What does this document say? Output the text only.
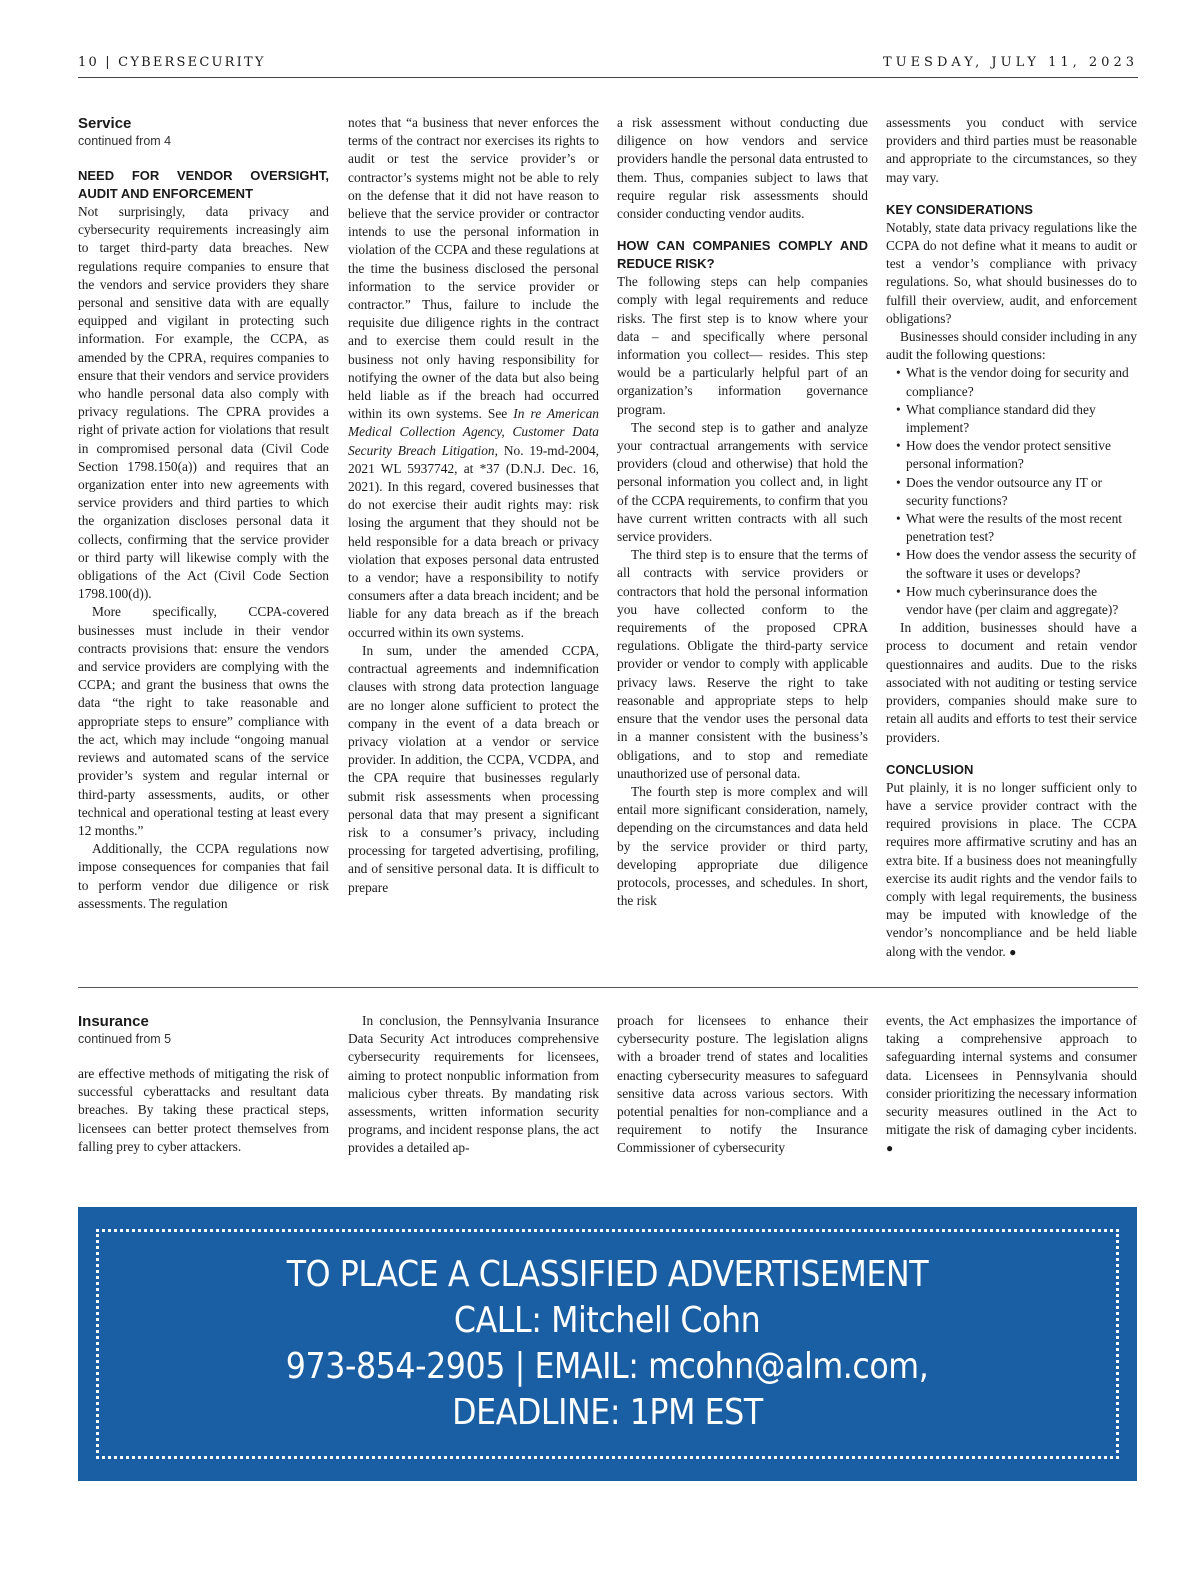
10 | CYBERSECURITY	TUESDAY, JULY 11, 2023
Service
continued from 4
NEED FOR VENDOR OVERSIGHT, AUDIT AND ENFORCEMENT

Not surprisingly, data privacy and cybersecurity requirements increasingly aim to target third-party data breaches. New regulations require companies to ensure that the vendors and service providers they share personal and sensitive data with are equally equipped and vigilant in protecting such information. For example, the CCPA, as amended by the CPRA, requires companies to ensure that their vendors and service providers who handle personal data also comply with privacy regulations. The CPRA provides a right of private action for violations that result in compromised personal data (Civil Code Section 1798.150(a)) and requires that an organization enter into new agreements with service providers and third parties to which the organization discloses personal data it collects, confirming that the service provider or third party will likewise comply with the obligations of the Act (Civil Code Section 1798.100(d)).

More specifically, CCPA-covered businesses must include in their vendor contracts provisions that: ensure the vendors and service providers are complying with the CCPA; and grant the business that owns the data “the right to take reasonable and appropriate steps to ensure” compliance with the act, which may include “ongoing manual reviews and automated scans of the service provider’s system and regular internal or third-party assessments, audits, or other technical and operational testing at least every 12 months.”

Additionally, the CCPA regulations now impose consequences for companies that fail to perform vendor due diligence or risk assessments. The regulation

notes that “a business that never enforces the terms of the contract nor exercises its rights to audit or test the service provider’s or contractor’s systems might not be able to rely on the defense that it did not have reason to believe that the service provider or contractor intends to use the personal information in violation of the CCPA and these regulations at the time the business disclosed the personal information to the service provider or contractor.” Thus, failure to include the requisite due diligence rights in the contract and to exercise them could result in the business not only having responsibility for notifying the owner of the data but also being held liable as if the breach had occurred within its own systems. See In re American Medical Collection Agency, Customer Data Security Breach Litigation, No. 19-md-2004, 2021 WL 5937742, at *37 (D.N.J. Dec. 16, 2021). In this regard, covered businesses that do not exercise their audit rights may: risk losing the argument that they should not be held responsible for a data breach or privacy violation that exposes personal data entrusted to a vendor; have a responsibility to notify consumers after a data breach incident; and be liable for any data breach as if the breach occurred within its own systems.

In sum, under the amended CCPA, contractual agreements and indemnification clauses with strong data protection language are no longer alone sufficient to protect the company in the event of a data breach or privacy violation at a vendor or service provider. In addition, the CCPA, VCDPA, and the CPA require that businesses regularly submit risk assessments when processing personal data that may present a significant risk to a consumer’s privacy, including processing for targeted advertising, profiling, and of sensitive personal data. It is difficult to prepare

a risk assessment without conducting due diligence on how vendors and service providers handle the personal data entrusted to them. Thus, companies subject to laws that require regular risk assessments should consider conducting vendor audits.

HOW CAN COMPANIES COMPLY AND REDUCE RISK?

The following steps can help companies comply with legal requirements and reduce risks. The first step is to know where your data – and specifically where personal information you collect— resides. This step would be a particularly helpful part of an organization’s information governance program.

The second step is to gather and analyze your contractual arrangements with service providers (cloud and otherwise) that hold the personal information you collect and, in light of the CCPA requirements, to confirm that you have current written contracts with all such service providers.

The third step is to ensure that the terms of all contracts with service providers or contractors that hold the personal information you have collected conform to the requirements of the proposed CPRA regulations. Obligate the third-party service provider or vendor to comply with applicable privacy laws. Reserve the right to take reasonable and appropriate steps to help ensure that the vendor uses the personal data in a manner consistent with the business’s obligations, and to stop and remediate unauthorized use of personal data.

The fourth step is more complex and will entail more significant consideration, namely, depending on the circumstances and data held by the service provider or third party, developing appropriate due diligence protocols, processes, and schedules. In short, the risk

assessments you conduct with service providers and third parties must be reasonable and appropriate to the circumstances, so they may vary.

KEY CONSIDERATIONS

Notably, state data privacy regulations like the CCPA do not define what it means to audit or test a vendor’s compliance with privacy regulations. So, what should businesses do to fulfill their overview, audit, and enforcement obligations?

Businesses should consider including in any audit the following questions:

• What is the vendor doing for security and compliance?
• What compliance standard did they implement?
• How does the vendor protect sensitive personal information?
• Does the vendor outsource any IT or security functions?
• What were the results of the most recent penetration test?
• How does the vendor assess the security of the software it uses or develops?
• How much cyberinsurance does the vendor have (per claim and aggregate)?

In addition, businesses should have a process to document and retain vendor questionnaires and audits. Due to the risks associated with not auditing or testing service providers, companies should make sure to retain all audits and efforts to test their service providers.

CONCLUSION

Put plainly, it is no longer sufficient only to have a service provider contract with the required provisions in place. The CCPA requires more affirmative scrutiny and has an extra bite. If a business does not meaningfully exercise its audit rights and the vendor fails to comply with legal requirements, the business may be imputed with knowledge of the vendor’s noncompliance and be held liable along with the vendor. ●

Insurance
continued from 5

are effective methods of mitigating the risk of successful cyberattacks and resultant data breaches. By taking these practical steps, licensees can better protect themselves from falling prey to cyber attackers.

In conclusion, the Pennsylvania Insurance Data Security Act introduces comprehensive cybersecurity requirements for licensees, aiming to protect nonpublic information from malicious cyber threats. By mandating risk assessments, written information security programs, and incident response plans, the act provides a detailed ap-

proach for licensees to enhance their cybersecurity posture. The legislation aligns with a broader trend of states and localities enacting cybersecurity measures to safeguard sensitive data across various sectors. With potential penalties for non-compliance and a requirement to notify the Insurance Commissioner of cybersecurity

events, the Act emphasizes the importance of taking a comprehensive approach to safeguarding internal systems and consumer data. Licensees in Pennsylvania should consider prioritizing the necessary information security measures outlined in the Act to mitigate the risk of damaging cyber incidents. ●

TO PLACE A CLASSIFIED ADVERTISEMENT
CALL: Mitchell Cohn
973-854-2905 | EMAIL: mcohn@alm.com,
DEADLINE: 1PM EST
